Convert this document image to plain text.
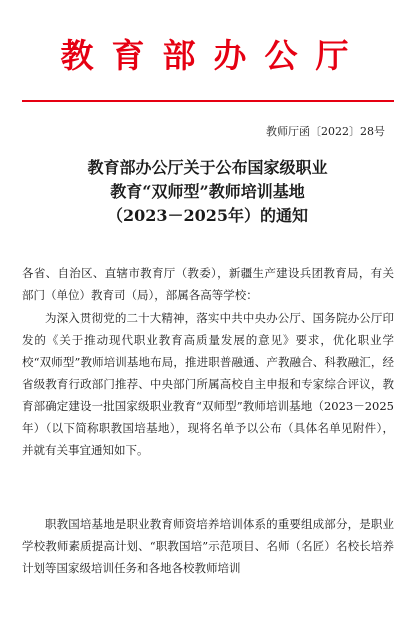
教育部办公厅
教师厅函〔2022〕28号
教育部办公厅关于公布国家级职业
教育“双师型”教师培训基地
（2023－2025年）的通知
各省、自治区、直辖市教育厅（教委），新疆生产建设兵团教育局，有关部门（单位）教育司（局），部属各高等学校：
为深入贯彻党的二十大精神，落实中共中央办公厅、国务院办公厅印发的《关于推动现代职业教育高质量发展的意见》要求，优化职业学校“双师型”教师培训基地布局，推进职普融通、产教融合、科教融汇，经省级教育行政部门推荐、中央部门所属高校自主申报和专家综合评议，教育部确定建设一批国家级职业教育“双师型”教师培训基地（2023－2025年）（以下简称职教国培基地），现将名单予以公布（具体名单见附件），并就有关事宜通知如下。
职教国培基地是职业教育师资培养培训体系的重要组成部分，是职业学校教师素质提高计划、“职教国培”示范项目、名师（名匠）名校长培养计划等国家级培训任务和各地各校教师培训
